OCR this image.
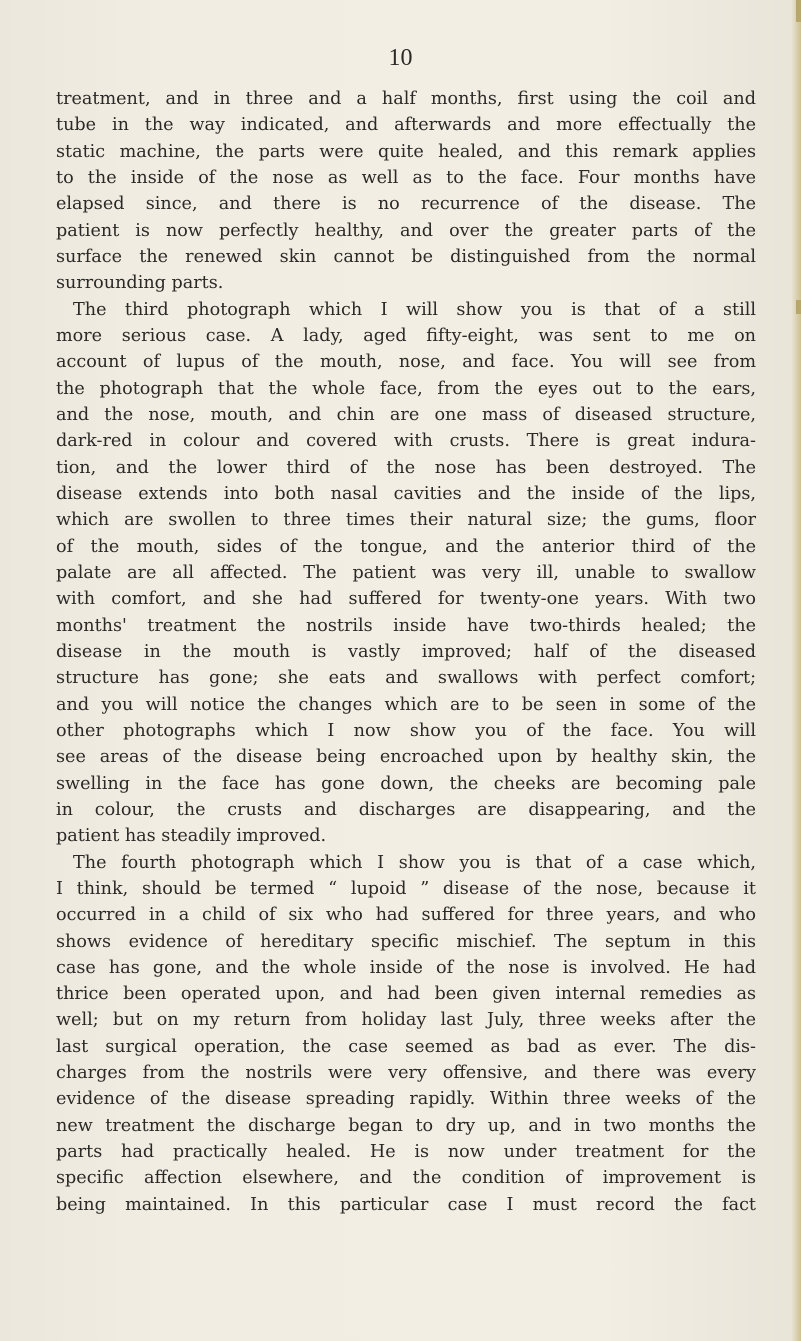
10
treatment, and in three and a half months, first using the coil and
tube in the way indicated, and afterwards and more effectually the
static machine, the parts were quite healed, and this remark applies
to the inside of the nose as well as to the face. Four months have
elapsed since, and there is no recurrence of the disease. The
patient is now perfectly healthy, and over the greater parts of the
surface the renewed skin cannot be distinguished from the normal
surrounding parts.
The third photograph which I will show you is that of a still
more serious case. A lady, aged fifty-eight, was sent to me on
account of lupus of the mouth, nose, and face. You will see from
the photograph that the whole face, from the eyes out to the ears,
and the nose, mouth, and chin are one mass of diseased structure,
dark-red in colour and covered with crusts. There is great indura-
tion, and the lower third of the nose has been destroyed. The
disease extends into both nasal cavities and the inside of the lips,
which are swollen to three times their natural size; the gums, floor
of the mouth, sides of the tongue, and the anterior third of the
palate are all affected. The patient was very ill, unable to swallow
with comfort, and she had suffered for twenty-one years. With two
months' treatment the nostrils inside have two-thirds healed; the
disease in the mouth is vastly improved; half of the diseased
structure has gone; she eats and swallows with perfect comfort;
and you will notice the changes which are to be seen in some of the
other photographs which I now show you of the face. You will
see areas of the disease being encroached upon by healthy skin, the
swelling in the face has gone down, the cheeks are becoming pale
in colour, the crusts and discharges are disappearing, and the
patient has steadily improved.
The fourth photograph which I show you is that of a case which,
I think, should be termed “ lupoid ” disease of the nose, because it
occurred in a child of six who had suffered for three years, and who
shows evidence of hereditary specific mischief. The septum in this
case has gone, and the whole inside of the nose is involved. He had
thrice been operated upon, and had been given internal remedies as
well; but on my return from holiday last July, three weeks after the
last surgical operation, the case seemed as bad as ever. The dis-
charges from the nostrils were very offensive, and there was every
evidence of the disease spreading rapidly. Within three weeks of the
new treatment the discharge began to dry up, and in two months the
parts had practically healed. He is now under treatment for the
specific affection elsewhere, and the condition of improvement is
being maintained. In this particular case I must record the fact
